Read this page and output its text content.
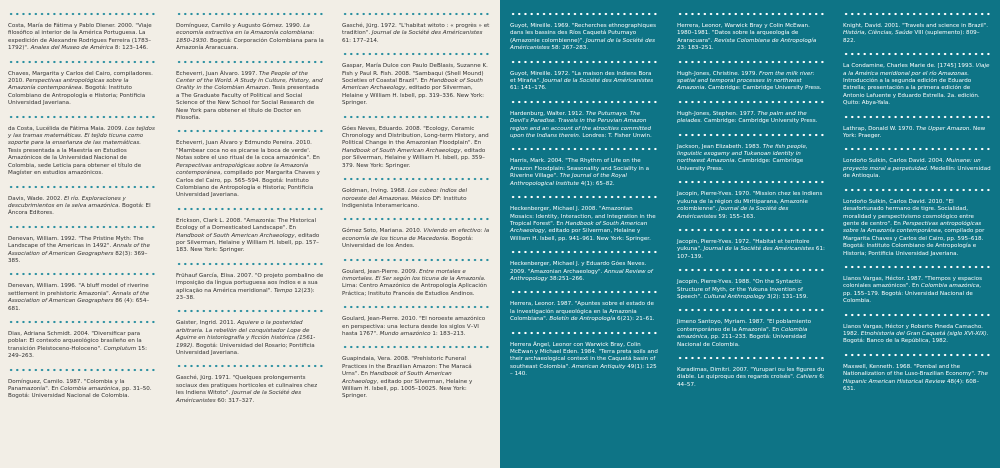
Costa, María de Fátima y Pablo Diener. 2000. "Viaje filosófico al interior de la América Portuguesa. La expedición de Alexandre Rodrigues Ferreira (1783–1792)". Anales del Museo de América 8: 123–146.

Chaves, Margarita y Carlos del Cairo, compiladores. 2010. Perspectivas antropológicas sobre la Amazonía contemporánea. Bogotá: Instituto Colombiano de Antropología e Historia; Pontificia Universidad Javeriana.

da Costa, Lucélida de Fátima Maia. 2009. Los tejidos y las tramas matemáticas. El tejido ticuna como soporte para la enseñanza de las matemáticas. Tesis presentada a la Maestría en Estudios Amazónicos de la Universidad Nacional de Colombia, sede Leticia para obtener el título de Magíster en estudios amazónicos.

Davis, Wade. 2002. El río. Exploraciones y descubrimientos en la selva amazónica. Bogotá: El Áncora Editores.

Denevan, William. 1992. "The Pristine Myth: The Landscape of the Americas in 1492". Annals of the Association of American Geographers 82(3): 369–385.

Denevan, William. 1996. "A bluff model of riverine settlement in prehistoric Amazonia". Annals of the Association of American Geographers 86 (4): 654–681.

Dias, Adriana Schmidt. 2004. "Diversificar para poblar: El contexto arqueológico brasileño en la transición Pleistoceno-Holoceno". Complutum 15: 249–263.

Domínguez, Camilo. 1987. "Colombia y la Panamazonía". En Colombia amazónica, pp. 31–50. Bogotá: Universidad Nacional de Colombia.

Domínguez, Camilo y Augusto Gómez. 1990. La economía extractiva en la Amazonía colombiana: 1850-1930. Bogotá: Corporación Colombiana para la Amazonía Araracuara.

Echeverri, Juan Álvaro. 1997. The People of the Center of the World. A Study in Culture, History, and Orality in the Colombian Amazon. Tesis presentada a The Graduate Faculty of Political and Social Science of the New School for Social Research de New York para obtener el título de Doctor en Filosofía.

Echeverri, Juan Álvaro y Edmundo Pereira. 2010. "Mambear coca no es picarse la boca de verde'. Notas sobre el uso ritual de la coca amazónica". En Perspectivas antropológicas sobre la Amazonía contemporánea, compilado por Margarita Chaves y Carlos del Cairo, pp. 565–594. Bogotá: Instituto Colombiano de Antropología e Historia; Pontificia Universidad Javeriana.

Erickson, Clark L. 2008. "Amazonia: The Historical Ecology of a Domesticated Landscape". En Handbook of South American Archaeology, editado por Silverman, Helaine y William H. Isbell, pp. 157–183. New York: Springer.

Frühauf García, Elisa. 2007. "O projeto pombalino de imposição da língua portuguesa aos índios e a sua aplicação na América meridional". Tempo 12(23): 23–38.

Gaister, Ingrid. 2011. Aquiere o la posteridad arbitraria. La rebelión del conquistador Lope de Aguirre en historiografía y ficción histórica (1561-1992). Bogotá: Universidad del Rosario; Pontificia Universidad Javeriana.

Gasché, Jürg. 1971. "Quelques prolongements sociaux des pratiques horticoles et culinaires chez les Indiens Witoto". Journal de la Société des Américanistes 60: 317–327.

Gasché, Jürg. 1972. "L'habitat witoto : « progrès » et tradition". Journal de la Société des Américanistes 61: 177–214.

Gaspar, María Dulce con Paulo DeBlasis, Suzanne K. Fish y Paul R. Fish. 2008. "Sambaqui (Shell Mound) Societies of Coastal Brazil". En Handbook of South American Archaeology, editado por Silverman, Helaine y William H. Isbell, pp. 319–336. New York: Springer.

Góes Neves, Eduardo. 2008. "Ecology, Ceramic Chronology and Distribution, Long-term History, and Political Change in the Amazonian Floodplain". En Handbook of South American Archaeology, editado por Silverman, Helaine y William H. Isbell, pp. 359–379. New York: Springer.

Goldman, Irving. 1968. Los cubeo: Indios del noroeste del Amazonas. México DF: Instituto Indigenista Interamericano.

Gómez Soto, Mariana. 2010. Viviendo en efectivo: la economía de los ticuna de Macedonia. Bogotá: Universidad de los Andes.

Goulard, Jean-Pierre. 2009. Entre mortales e inmortales. El Ser según los ticuna de la Amazonía. Lima: Centro Amazónico de Antropología Aplicación Práctica; Instituto Francés de Estudios Andinos.

Goulard, Jean-Pierre. 2010. "El noroeste amazónico en perspectiva: una lectura desde los siglos V–VI hasta 1767". Mundo amazónico 1: 183–213.

Guapindaia, Vera. 2008. "Prehistoric Funeral Practices in the Brazilian Amazon: The Maracá Urns". En Handbook of South American Archaeology, editado por Silverman, Helaine y William H. Isbell, pp. 1005–10025. New York: Springer.

Guyot, Mireille. 1969. "Recherches ethnographiques dans les bassins des Ríos Caquetá Putumayo (Amazonie colombienne)". Journal de la Société des Américanistes 58: 267–283.

Guyot, Mireille. 1972. "La maison des Indiens Bora et Miraña". Journal de la Société des Américanistes 61: 141–176.

Hardenburg, Walter. 1912. The Putumayo. The Devil's Paradise. Travels in the Peruvian Amazon region and an account of the atrocities committed upon the Indians therein. Londres: T. Fisher Unwin.

Harris, Mark. 2004. "The Rhythm of Life on the Amazon Floodplain: Seasonality and Sociality in a Riverine Village". The Journal of the Royal Anthropological Institute 4(1): 65–82.

Heckenberger, Michael J. 2008. "Amazonian Mosaics: Identity, Interaction, and Integration in the Tropical Forest". En Handbook of South American Archaeology, editado por Silverman, Helaine y William H. Isbell, pp. 941–961. New York: Springer.

Heckenberger, Michael J. y Eduardo Góes Neves. 2009. "Amazonian Archaeology". Annual Review of Anthropology 38:251–266.

Herrera, Leonor. 1987. "Apuntes sobre el estado de la investigación arqueológica en la Amazonia Colombiana". Boletín de Antropología 6(21): 21–61.

Herrera Ángel, Leonor con Warwick Bray, Colin McEwan y Michael Eden. 1984. "Terra preta soils and their archaeological context in the Caquetá basin of southeast Colombia". American Antiquity 49(1): 125 – 140.

Herrera, Leonor, Warwick Bray y Colin McEwan. 1980–1981. "Datos sobre la arqueología de Araracuara". Revista Colombiana de Antropología 23: 183–251.

Hugh-Jones, Christine. 1979. From the milk river: spatial and temporal processes in northwest Amazonia. Cambridge: Cambridge University Press.

Hugh-Jones, Stephen. 1977. The palm and the pleiades. Cambridge: Cambridge University Press.

Jackson, Jean Elizabeth. 1983. The fish people, linguistic exogamy and Tukanoan identity in northwest Amazonia. Cambridge: Cambridge University Press.

Jacopin, Pierre-Yves. 1970. "Mission chez les Indiens yukuna de la région du Miritiparana, Amazonie colombienne". Journal de la Société des Américanistes 59: 155–163.

Jacopin, Pierre-Yves. 1972. "Habitat et territoire yukuna". Journal de la Société des Américanistes 61: 107–139.

Jacopin, Pierre-Yves. 1988. "On the Syntactic Structure of Myth, or the Yukuna Invention of Speech". Cultural Anthropology 3(2): 131–159.

Jimeno Santoyo, Myriam. 1987. "El poblamiento contemporáneo de la Amazonia". En Colombia amazónica, pp. 211–233. Bogotá: Universidad Nacional de Colombia.

Karadimas, Dimitri. 2007. "Yurupari ou les figures du diable. Le quiproquo des regards croisés". Cahiers 6: 44–57.

Knight, David. 2001. "Travels and science in Brazil". História, Ciências, Saúde VIII (suplemento): 809–822.

La Condamine, Charles Marie de. [1745] 1993. Viaje a la América meridional por el río Amazonas. Introducción a la segunda edición de Eduardo Estrella; presentación a la primera edición de Antonio Lafuente y Eduardo Estrella. 2a. edición. Quito: Abya-Yala.

Lathrap, Donald W. 1970. The Upper Amazon. New York: Praeger.

Londoño Sulkin, Carlos David. 2004. Muinane: un proyecto moral a perpetuidad. Medellín: Universidad de Antioquia.

Londoño Sulkin, Carlos David. 2010. "El desafortunado hermano de tigre. Socialidad, moralidad y perspectivismo cosmológico entre gente de centro". En Perspectivas antropológicas sobre la Amazonía contemporánea, compilado por Margarita Chaves y Carlos del Cairo, pp. 595–618. Bogotá: Instituto Colombiano de Antropología e Historia; Pontificia Universidad Javeriana.

Llanos Vargas, Héctor. 1987. "Tiempos y espacios coloniales amazónicos". En Colombia amazónica, pp. 155–179. Bogotá: Universidad Nacional de Colombia.

Llanos Vargas, Héctor y Roberto Pineda Camacho. 1982. Etnohistoria del Gran Caquetá (siglo XVI-XIX). Bogotá: Banco de la República, 1982.

Maxwell, Kenneth. 1968. "Pombal and the Nationalization of the Luso-Brazilian Economy". The Hispanic American Historical Review 48(4): 608–631.
